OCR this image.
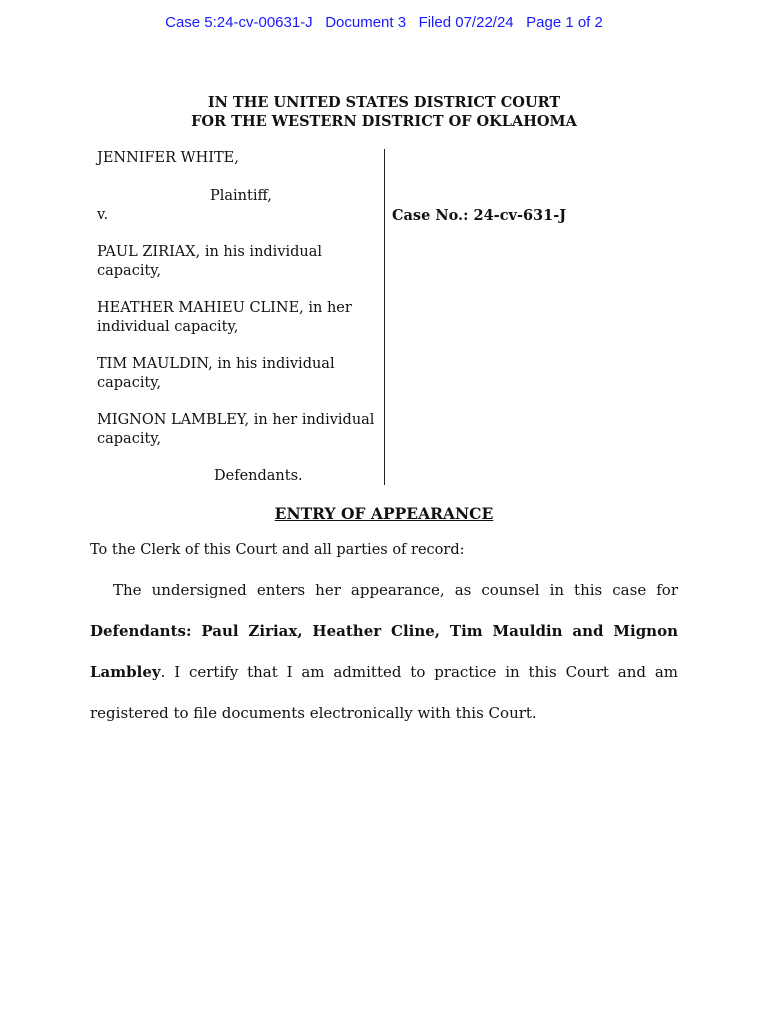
Case 5:24-cv-00631-J   Document 3   Filed 07/22/24   Page 1 of 2
IN THE UNITED STATES DISTRICT COURT
FOR THE WESTERN DISTRICT OF OKLAHOMA
JENNIFER WHITE,
Plaintiff,
v.
PAUL ZIRIAX, in his individual capacity,
HEATHER MAHIEU CLINE, in her individual capacity,
TIM MAULDIN, in his individual capacity,
MIGNON LAMBLEY, in her individual capacity,
Defendants.
Case No.: 24-cv-631-J
ENTRY OF APPEARANCE
To the Clerk of this Court and all parties of record:

The undersigned enters her appearance, as counsel in this case for Defendants: Paul Ziriax, Heather Cline, Tim Mauldin and Mignon Lambley. I certify that I am admitted to practice in this Court and am registered to file documents electronically with this Court.
